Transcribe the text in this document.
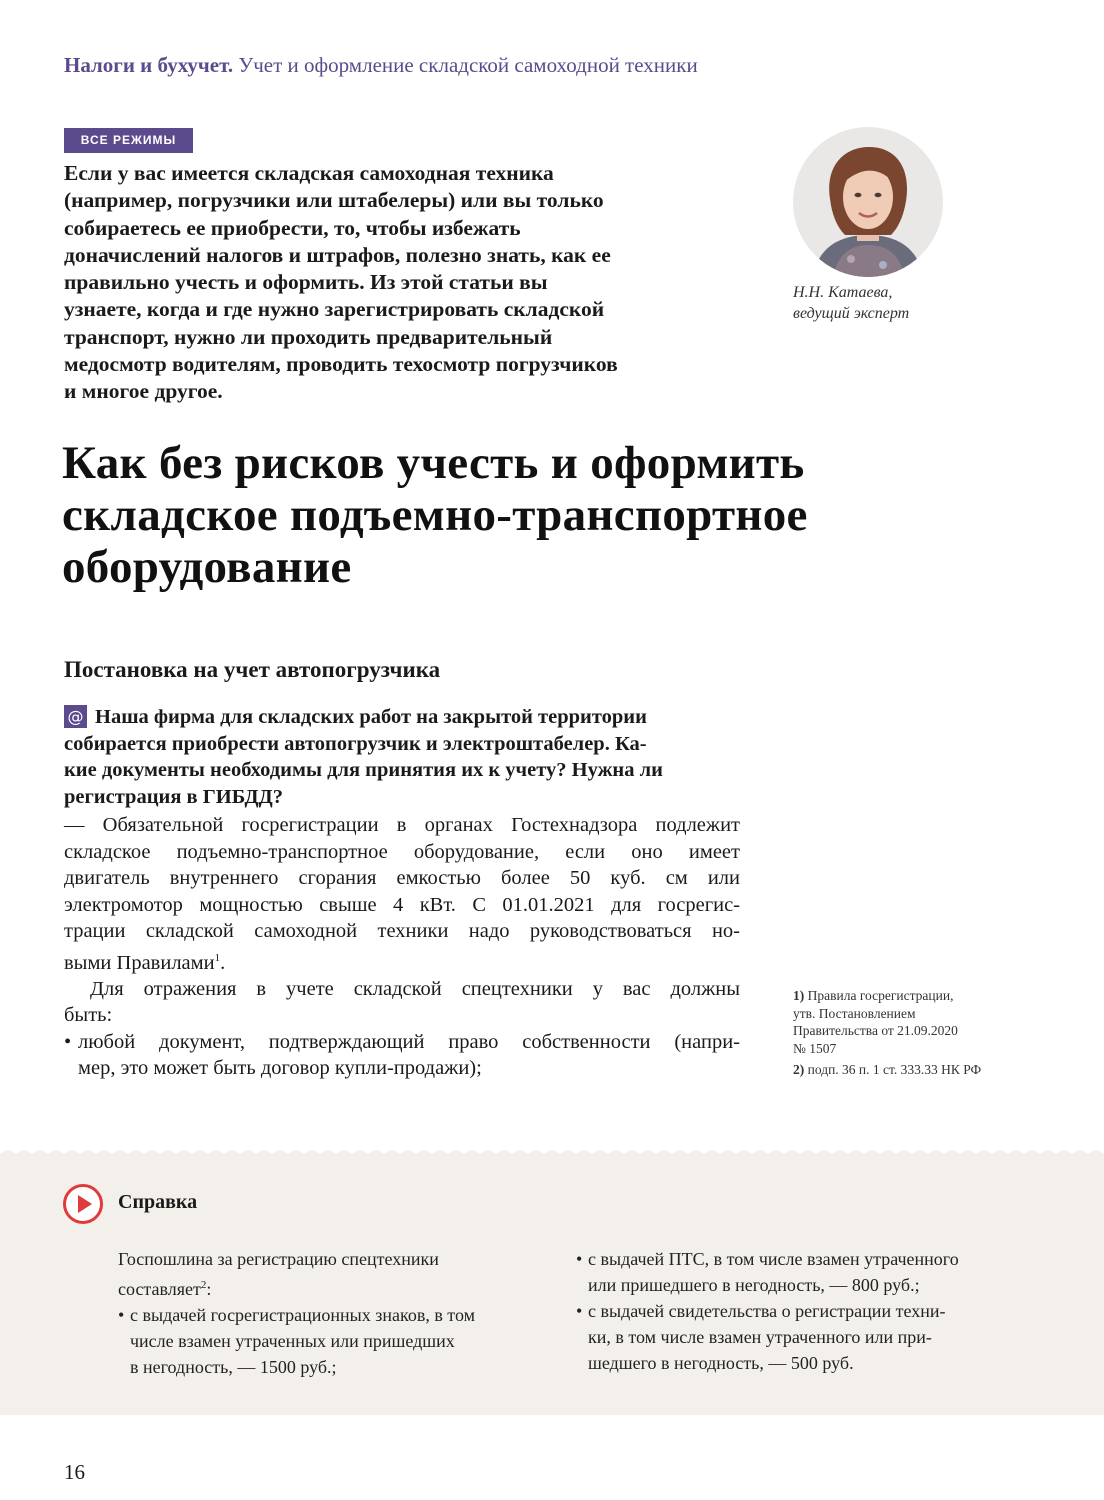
Налоги и бухучет. Учет и оформление складской самоходной техники
ВСЕ РЕЖИМЫ
Если у вас имеется складская самоходная техника
(например, погрузчики или штабелеры) или вы только
собираетесь ее приобрести, то, чтобы избежать
доначислений налогов и штрафов, полезно знать, как ее
правильно учесть и оформить. Из этой статьи вы
узнаете, когда и где нужно зарегистрировать складской
транспорт, нужно ли проходить предварительный
медосмотр водителям, проводить техосмотр погрузчиков
и многое другое.
Н.Н. Катаева,
ведущий эксперт
Как без рисков учесть и оформить
складское подъемно-транспортное
оборудование
Постановка на учет автопогрузчика
@ Наша фирма для складских работ на закрытой территории
собирается приобрести автопогрузчик и электроштабелер. Ка-
кие документы необходимы для принятия их к учету? Нужна ли
регистрация в ГИБДД?
— Обязательной госрегистрации в органах Гостехнадзора подлежит
складское подъемно-транспортное оборудование, если оно имеет
двигатель внутреннего сгорания емкостью более 50 куб. см или
электромотор мощностью свыше 4 кВт. С 01.01.2021 для госрегис-
трации складской самоходной техники надо руководствоваться но-
выми Правилами$^1$.
Для отражения в учете складской спецтехники у вас должны
быть:
• любой документ, подтверждающий право собственности (напри-
мер, это может быть договор купли-продажи);
1) Правила госрегистрации,
утв. Постановлением
Правительства от 21.09.2020
№ 1507
2) подп. 36 п. 1 ст. 333.33 НК РФ
Справка
Госпошлина за регистрацию спецтехники
составляет$^2$:
• с выдачей госрегистрационных знаков, в том
числе взамен утраченных или пришедших
в негодность, — 1500 руб.;
• с выдачей ПТС, в том числе взамен утраченного
или пришедшего в негодность, — 800 руб.;
• с выдачей свидетельства о регистрации техни-
ки, в том числе взамен утраченного или при-
шедшего в негодность, — 500 руб.
16
